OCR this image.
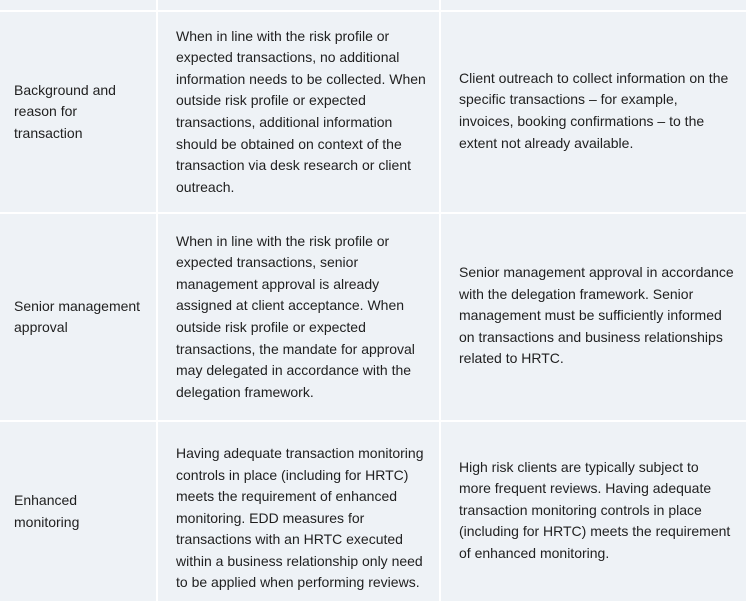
Background and reason for transaction
When in line with the risk profile or expected transactions, no additional information needs to be collected. When outside risk profile or expected transactions, additional information should be obtained on context of the transaction via desk research or client outreach.
Client outreach to collect information on the specific transactions – for example, invoices, booking confirmations – to the extent not already available.
Senior management approval
When in line with the risk profile or expected transactions, senior management approval is already assigned at client acceptance. When outside risk profile or expected transactions, the mandate for approval may delegated in accordance with the delegation framework.
Senior management approval in accordance with the delegation framework. Senior management must be sufficiently informed on transactions and business relationships related to HRTC.
Enhanced monitoring
Having adequate transaction monitoring controls in place (including for HRTC) meets the requirement of enhanced monitoring. EDD measures for transactions with an HRTC executed within a business relationship only need to be applied when performing reviews.
High risk clients are typically subject to more frequent reviews. Having adequate transaction monitoring controls in place (including for HRTC) meets the requirement of enhanced monitoring.
